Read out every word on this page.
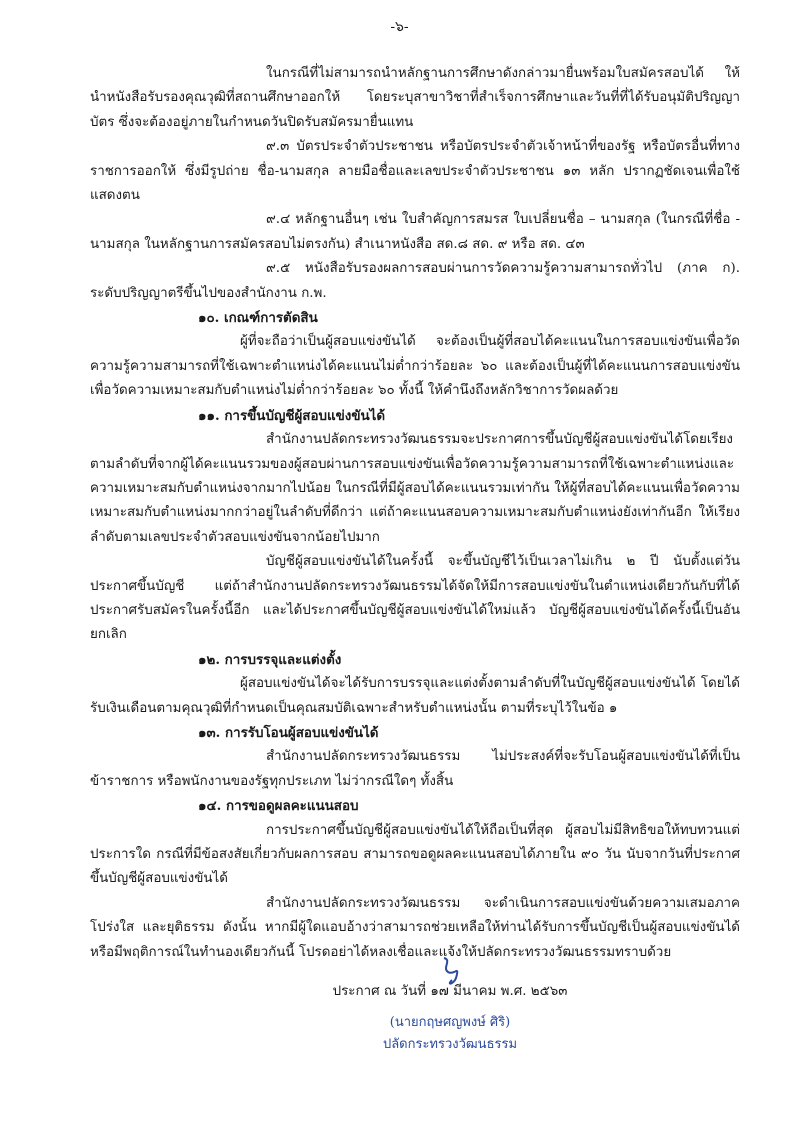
-๖-

ในกรณีที่ไม่สามารถนำหลักฐานการศึกษาดังกล่าวมายื่นพร้อมใบสมัครสอบได้ ให้นำหนังสือรับรองคุณวุฒิที่สถานศึกษาออกให้ โดยระบุสาขาวิชาที่สำเร็จการศึกษาและวันที่ที่ได้รับอนุมัติปริญญาบัตร ซึ่งจะต้องอยู่ภายในกำหนดวันปิดรับสมัครมายื่นแทน

๙.๓ บัตรประจำตัวประชาชน หรือบัตรประจำตัวเจ้าหน้าที่ของรัฐ หรือบัตรอื่นที่ทางราชการออกให้ ซึ่งมีรูปถ่าย ชื่อ-นามสกุล ลายมือชื่อและเลขประจำตัวประชาชน ๑๓ หลัก ปรากฏชัดเจนเพื่อใช้แสดงตน

๙.๔ หลักฐานอื่นๆ เช่น ใบสำคัญการสมรส ใบเปลี่ยนชื่อ – นามสกุล (ในกรณีที่ชื่อ - นามสกุล ในหลักฐานการสมัครสอบไม่ตรงกัน) สำเนาหนังสือ สด.๘ สด. ๙ หรือ สด. ๔๓

๙.๕ หนังสือรับรองผลการสอบผ่านการวัดความรู้ความสามารถทั่วไป (ภาค ก). ระดับปริญญาตรีขึ้นไปของสำนักงาน ก.พ.

๑๐. เกณฑ์การตัดสิน

ผู้ที่จะถือว่าเป็นผู้สอบแข่งขันได้ จะต้องเป็นผู้ที่สอบได้คะแนนในการสอบแข่งขันเพื่อวัดความรู้ความสามารถที่ใช้เฉพาะตำแหน่งได้คะแนนไม่ต่ำกว่าร้อยละ ๖๐ และต้องเป็นผู้ที่ได้คะแนนการสอบแข่งขันเพื่อวัดความเหมาะสมกับตำแหน่งไม่ต่ำกว่าร้อยละ ๖๐ ทั้งนี้ ให้คำนึงถึงหลักวิชาการวัดผลด้วย

๑๑. การขึ้นบัญชีผู้สอบแข่งขันได้

สำนักงานปลัดกระทรวงวัฒนธรรมจะประกาศการขึ้นบัญชีผู้สอบแข่งขันได้โดยเรียงตามลำดับที่จากผู้ได้คะแนนรวมของผู้สอบผ่านการสอบแข่งขันเพื่อวัดความรู้ความสามารถที่ใช้เฉพาะตำแหน่งและความเหมาะสมกับตำแหน่งจากมากไปน้อย ในกรณีที่มีผู้สอบได้คะแนนรวมเท่ากัน ให้ผู้ที่สอบได้คะแนนเพื่อวัดความเหมาะสมกับตำแหน่งมากกว่าอยู่ในลำดับที่ดีกว่า แต่ถ้าคะแนนสอบความเหมาะสมกับตำแหน่งยังเท่ากันอีก ให้เรียงลำดับตามเลขประจำตัวสอบแข่งขันจากน้อยไปมาก

บัญชีผู้สอบแข่งขันได้ในครั้งนี้ จะขึ้นบัญชีไว้เป็นเวลาไม่เกิน ๒ ปี นับตั้งแต่วันประกาศขึ้นบัญชี แต่ถ้าสำนักงานปลัดกระทรวงวัฒนธรรมได้จัดให้มีการสอบแข่งขันในตำแหน่งเดียวกันกับที่ได้ประกาศรับสมัครในครั้งนี้อีก และได้ประกาศขึ้นบัญชีผู้สอบแข่งขันได้ใหม่แล้ว บัญชีผู้สอบแข่งขันได้ครั้งนี้เป็นอันยกเลิก

๑๒. การบรรจุและแต่งตั้ง

ผู้สอบแข่งขันได้จะได้รับการบรรจุและแต่งตั้งตามลำดับที่ในบัญชีผู้สอบแข่งขันได้ โดยได้รับเงินเดือนตามคุณวุฒิที่กำหนดเป็นคุณสมบัติเฉพาะสำหรับตำแหน่งนั้น ตามที่ระบุไว้ในข้อ ๑

๑๓. การรับโอนผู้สอบแข่งขันได้

สำนักงานปลัดกระทรวงวัฒนธรรม ไม่ประสงค์ที่จะรับโอนผู้สอบแข่งขันได้ที่เป็นข้าราชการ หรือพนักงานของรัฐทุกประเภท ไม่ว่ากรณีใดๆ ทั้งสิ้น

๑๔. การขอดูผลคะแนนสอบ

การประกาศขึ้นบัญชีผู้สอบแข่งขันได้ให้ถือเป็นที่สุด ผู้สอบไม่มีสิทธิขอให้ทบทวนแต่ประการใด กรณีที่มีข้อสงสัยเกี่ยวกับผลการสอบ สามารถขอดูผลคะแนนสอบได้ภายใน ๙๐ วัน นับจากวันที่ประกาศขึ้นบัญชีผู้สอบแข่งขันได้

สำนักงานปลัดกระทรวงวัฒนธรรม จะดำเนินการสอบแข่งขันด้วยความเสมอภาค โปร่งใส และยุติธรรม ดังนั้น หากมีผู้ใดแอบอ้างว่าสามารถช่วยเหลือให้ท่านได้รับการขึ้นบัญชีเป็นผู้สอบแข่งขันได้ หรือมีพฤติการณ์ในทำนองเดียวกันนี้ โปรดอย่าได้หลงเชื่อและแจ้งให้ปลัดกระทรวงวัฒนธรรมทราบด้วย

ประกาศ ณ วันที่ ๑๗ มีนาคม พ.ศ. ๒๕๖๓

(นายกฤษศญพงษ์ ศิริ)
ปลัดกระทรวงวัฒนธรรม
